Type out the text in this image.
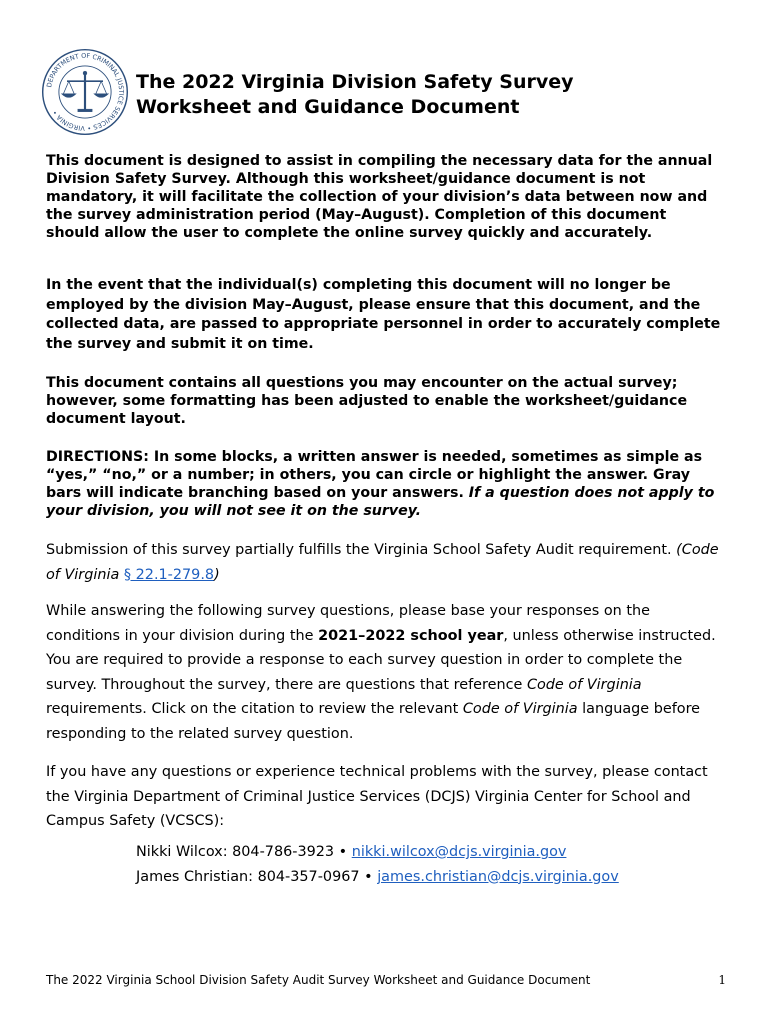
DEPARTMENT OF CRIMINAL JUSTICE SERVICES • VIRGINIA •
The 2022 Virginia Division Safety Survey
Worksheet and Guidance Document

This document is designed to assist in compiling the necessary data for the annual Division Safety Survey. Although this worksheet/guidance document is not mandatory, it will facilitate the collection of your division’s data between now and the survey administration period (May–August). Completion of this document should allow the user to complete the online survey quickly and accurately.

In the event that the individual(s) completing this document will no longer be employed by the division May–August, please ensure that this document, and the collected data, are passed to appropriate personnel in order to accurately complete the survey and submit it on time.

This document contains all questions you may encounter on the actual survey; however, some formatting has been adjusted to enable the worksheet/guidance document layout.

DIRECTIONS: In some blocks, a written answer is needed, sometimes as simple as “yes,” “no,” or a number; in others, you can circle or highlight the answer. Gray bars will indicate branching based on your answers. If a question does not apply to your division, you will not see it on the survey.

Submission of this survey partially fulfills the Virginia School Safety Audit requirement. (Code of Virginia § 22.1-279.8)

While answering the following survey questions, please base your responses on the conditions in your division during the 2021–2022 school year, unless otherwise instructed. You are required to provide a response to each survey question in order to complete the survey. Throughout the survey, there are questions that reference Code of Virginia requirements. Click on the citation to review the relevant Code of Virginia language before responding to the related survey question.

If you have any questions or experience technical problems with the survey, please contact the Virginia Department of Criminal Justice Services (DCJS) Virginia Center for School and Campus Safety (VCSCS):

Nikki Wilcox: 804-786-3923 • nikki.wilcox@dcjs.virginia.gov
James Christian: 804-357-0967 • james.christian@dcjs.virginia.gov
The 2022 Virginia School Division Safety Audit Survey Worksheet and Guidance Document	1
